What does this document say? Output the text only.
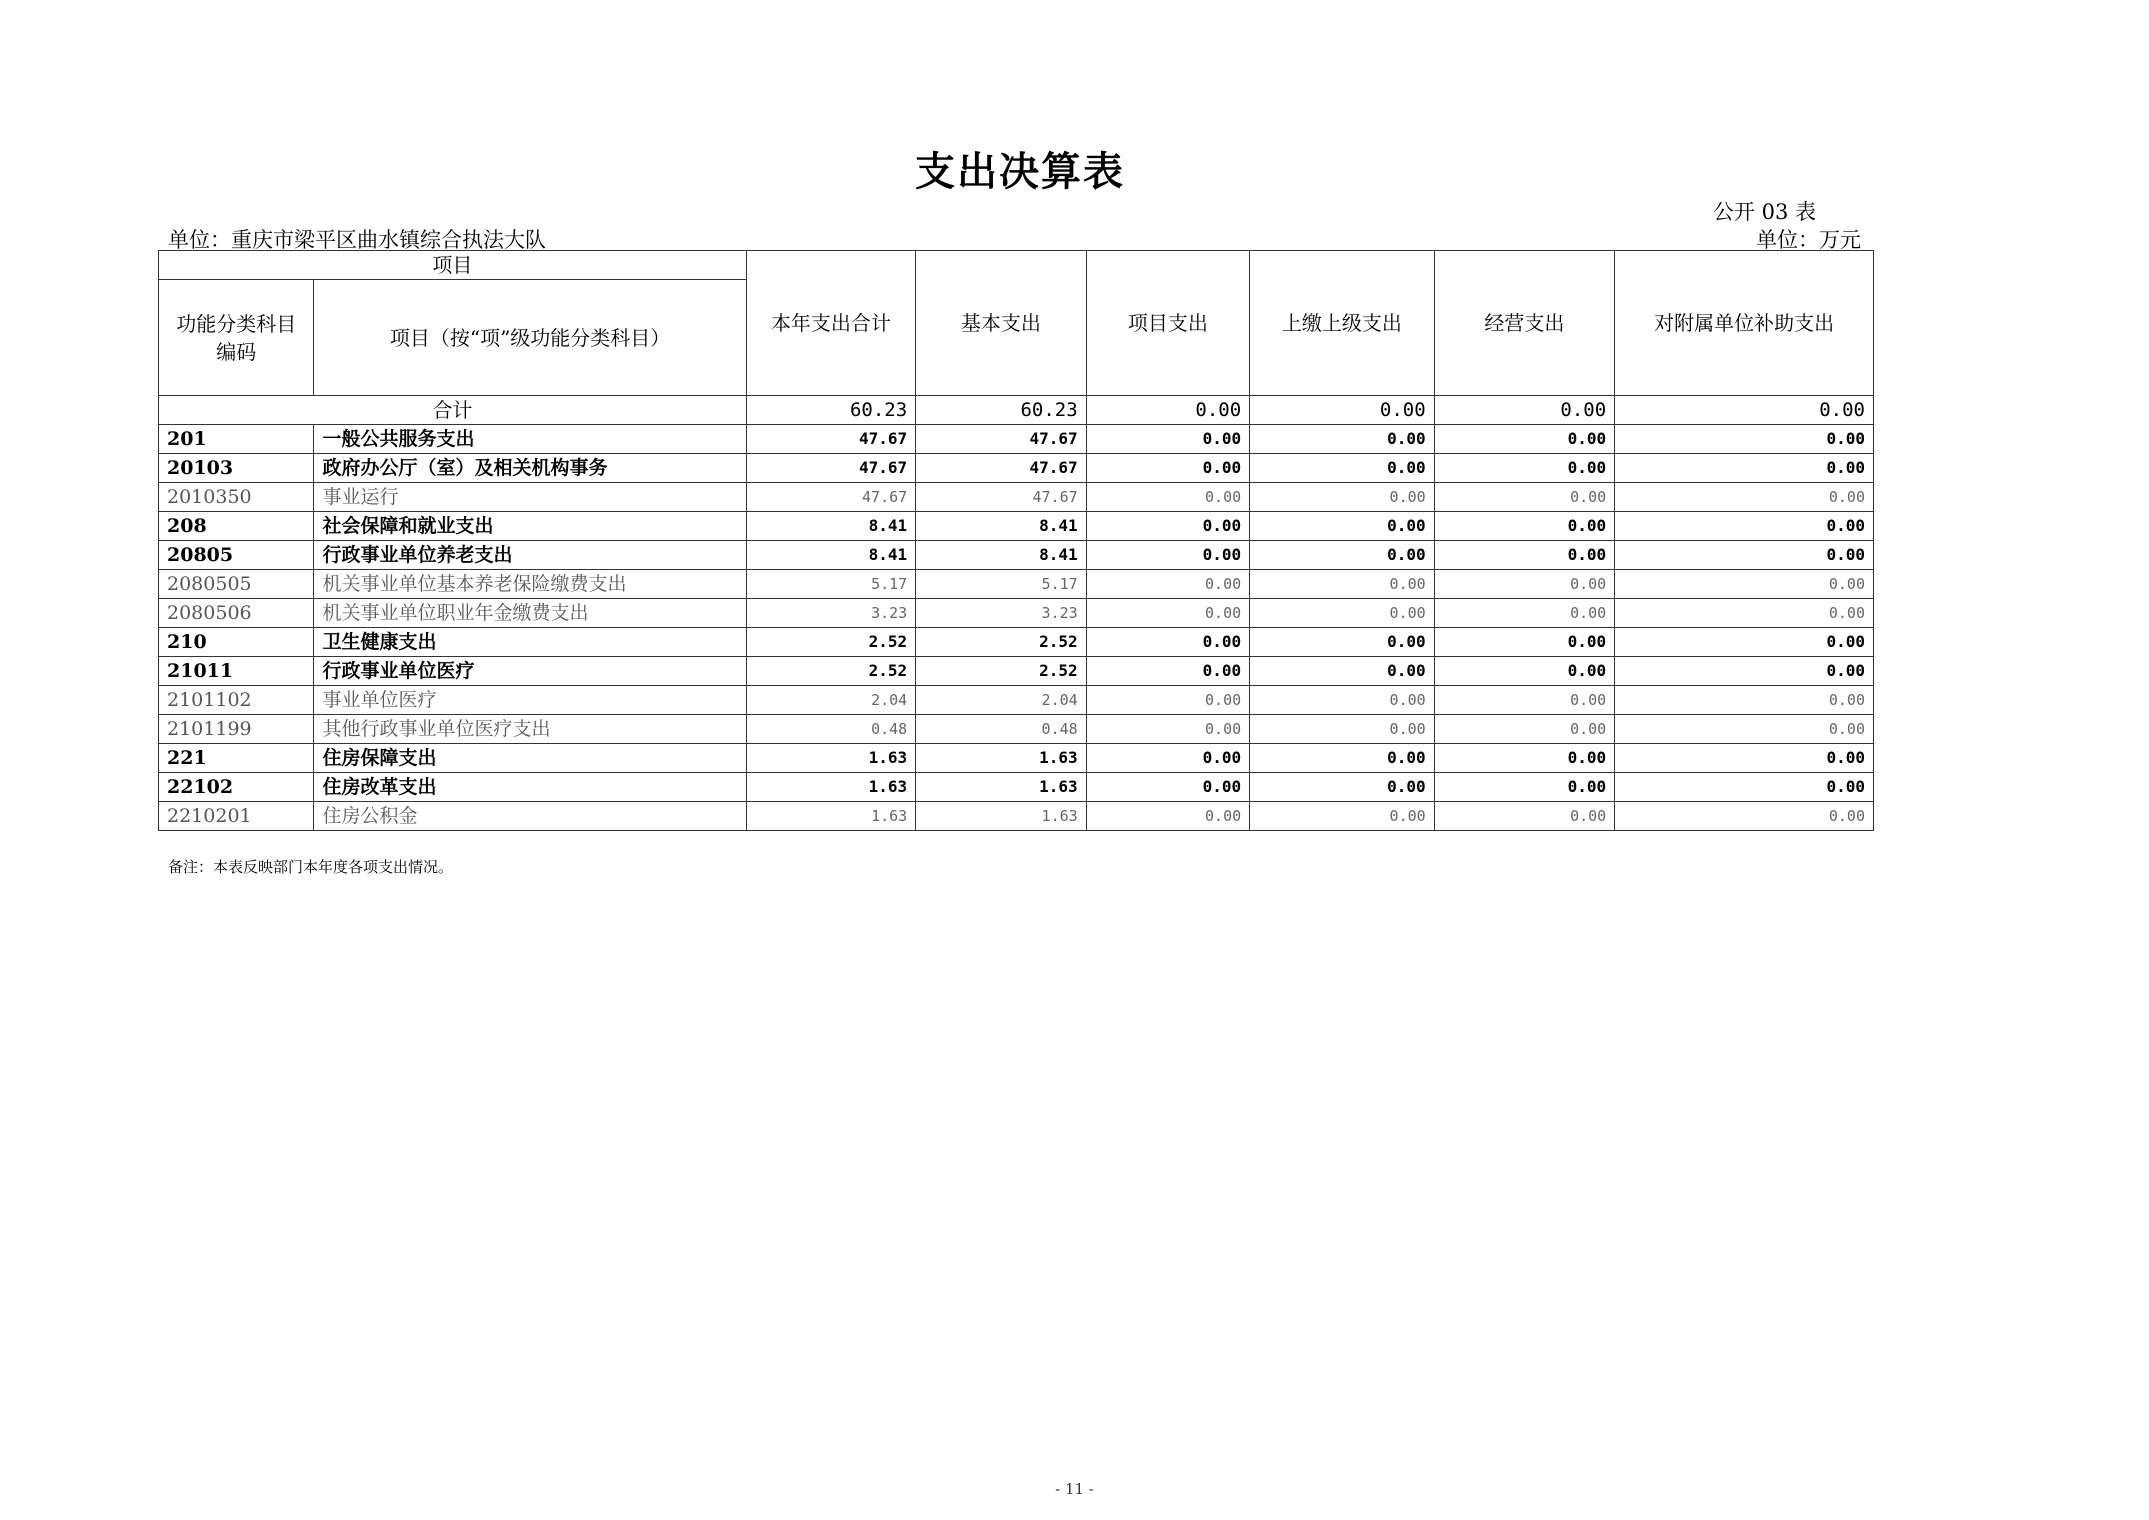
支出决算表
公开 03 表
单位：重庆市梁平区曲水镇综合执法大队	单位：万元
项目		本年支出合计	基本支出	项目支出	上缴上级支出	经营支出	对附属单位补助支出
功能分类科目编码	项目（按“项”级功能分类科目）						
合计		60.23	60.23	0.00	0.00	0.00	0.00
201	一般公共服务支出	47.67	47.67	0.00	0.00	0.00	0.00
20103	政府办公厅（室）及相关机构事务	47.67	47.67	0.00	0.00	0.00	0.00
2010350	事业运行	47.67	47.67	0.00	0.00	0.00	0.00
208	社会保障和就业支出	8.41	8.41	0.00	0.00	0.00	0.00
20805	行政事业单位养老支出	8.41	8.41	0.00	0.00	0.00	0.00
2080505	机关事业单位基本养老保险缴费支出	5.17	5.17	0.00	0.00	0.00	0.00
2080506	机关事业单位职业年金缴费支出	3.23	3.23	0.00	0.00	0.00	0.00
210	卫生健康支出	2.52	2.52	0.00	0.00	0.00	0.00
21011	行政事业单位医疗	2.52	2.52	0.00	0.00	0.00	0.00
2101102	事业单位医疗	2.04	2.04	0.00	0.00	0.00	0.00
2101199	其他行政事业单位医疗支出	0.48	0.48	0.00	0.00	0.00	0.00
221	住房保障支出	1.63	1.63	0.00	0.00	0.00	0.00
22102	住房改革支出	1.63	1.63	0.00	0.00	0.00	0.00
2210201	住房公积金	1.63	1.63	0.00	0.00	0.00	0.00
备注：本表反映部门本年度各项支出情况。
- 11 -
